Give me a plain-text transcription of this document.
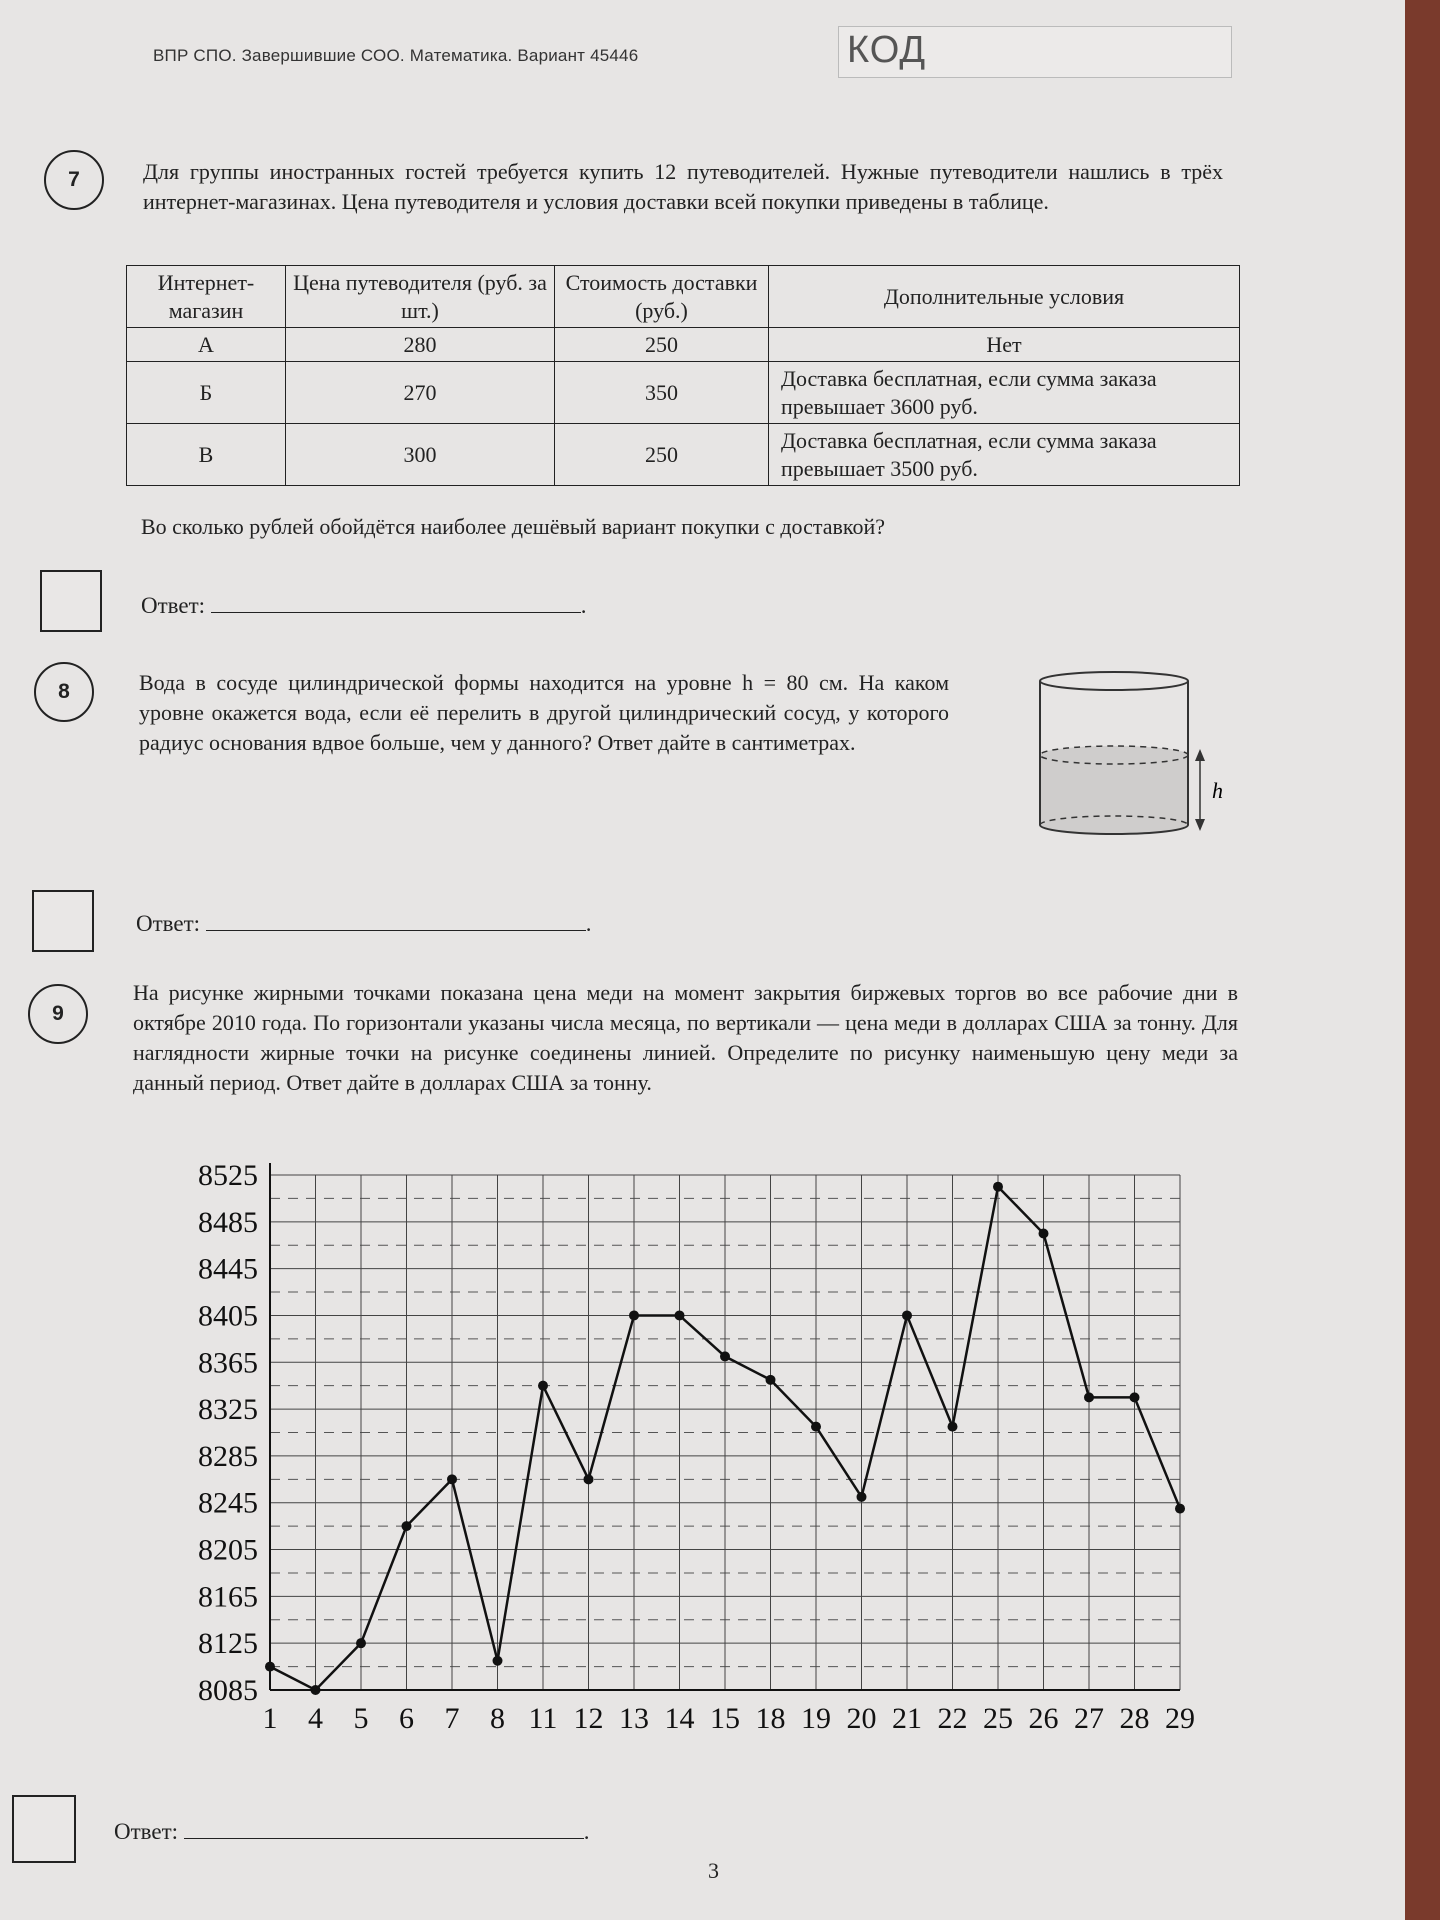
ВПР СПО. Завершившие СОО. Математика. Вариант 45446	КОД
7	Для группы иностранных гостей требуется купить 12 путеводителей. Нужные путеводители нашлись в трёх интернет-магазинах. Цена путеводителя и условия доставки всей покупки приведены в таблице.
Интернет-магазин	Цена путеводителя (руб. за шт.)	Стоимость доставки (руб.)	Дополнительные условия
А	280	250	Нет
Б	270	350	Доставка бесплатная, если сумма заказа превышает 3600 руб.
В	300	250	Доставка бесплатная, если сумма заказа превышает 3500 руб.
Во сколько рублей обойдётся наиболее дешёвый вариант покупки с доставкой?
Ответ:	.
8	Вода в сосуде цилиндрической формы находится на уровне h = 80 см. На каком уровне окажется вода, если её перелить в другой цилиндрический сосуд, у которого радиус основания вдвое больше, чем у данного? Ответ дайте в сантиметрах.
h
Ответ:	.
9
На рисунке жирными точками показана цена меди на момент закрытия биржевых торгов во все рабочие дни в октябре 2010 года. По горизонтали указаны числа месяца, по вертикали — цена меди в долларах США за тонну. Для наглядности жирные точки на рисунке соединены линией. Определите по рисунку наименьшую цену меди за данный период. Ответ дайте в долларах США за тонну.
8525
8485
8445
8405
8365
8325
8285
8245
8205
8165
8125
8085
1 4 5 6 7 8 11 12 13 14 15 18 19 20 21 22 25 26 27 28 29
Ответ:	.
3
